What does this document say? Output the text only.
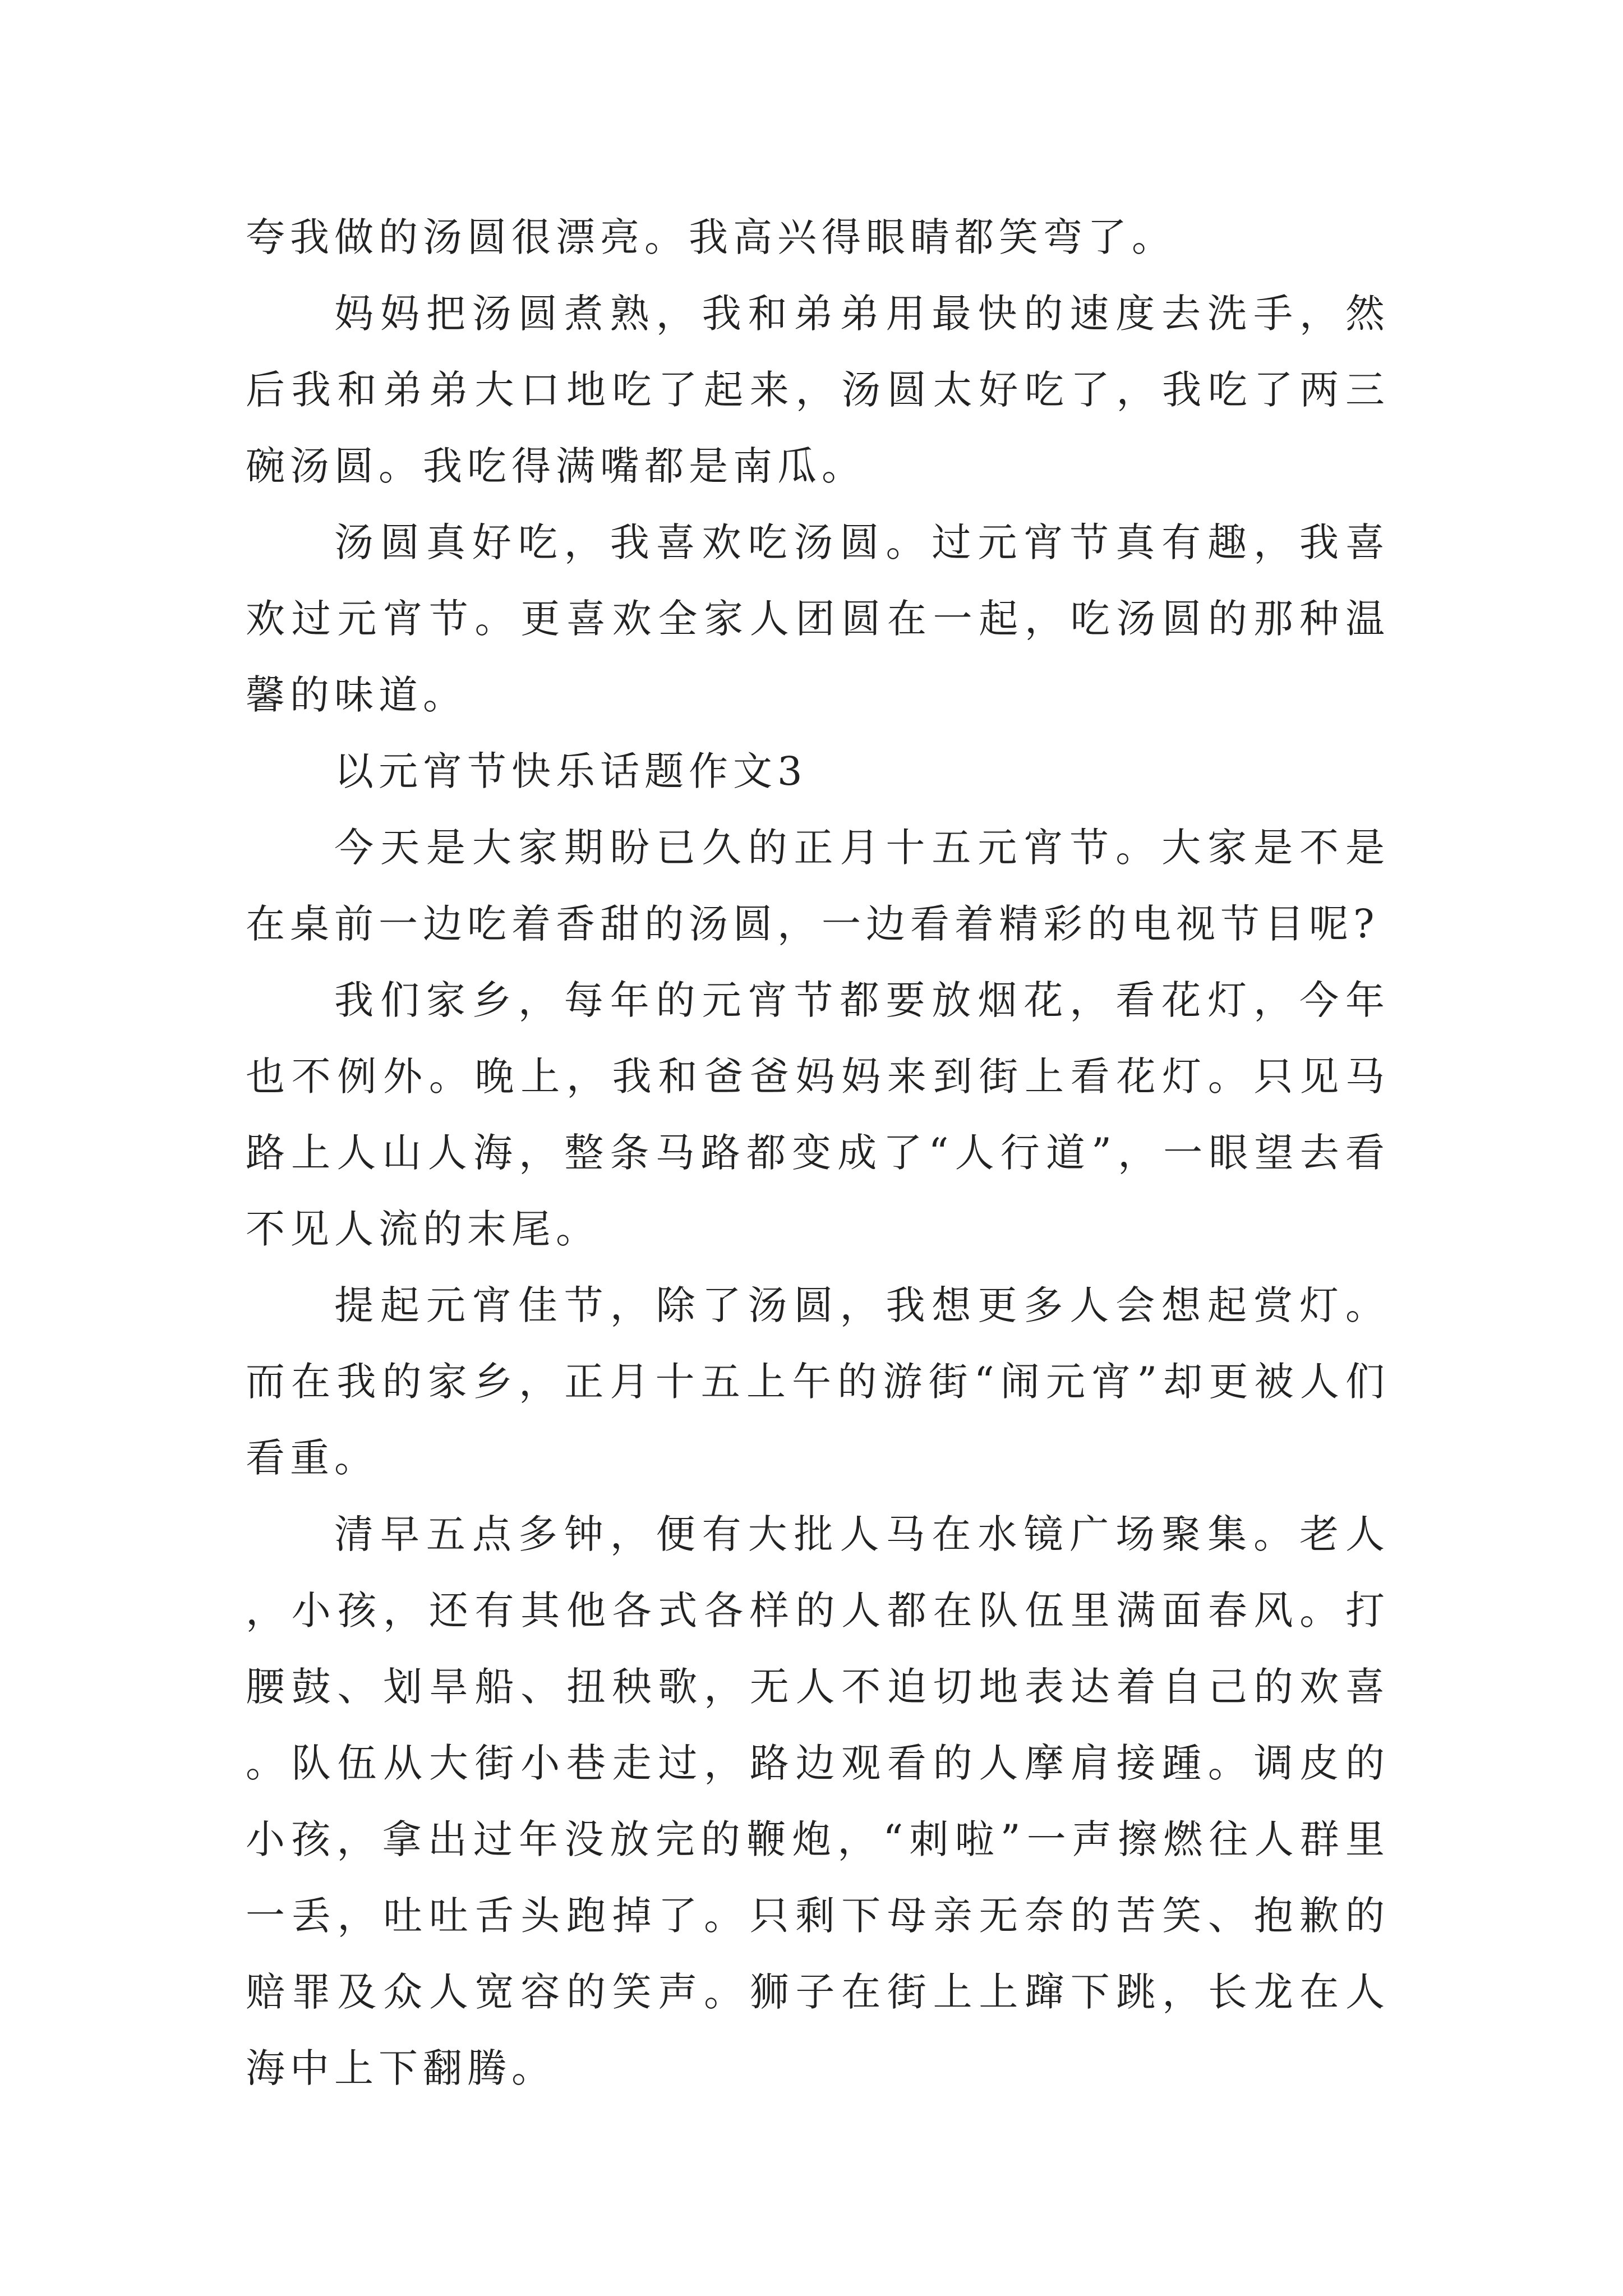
夸我做的汤圆很漂亮。我高兴得眼睛都笑弯了。

妈妈把汤圆煮熟，我和弟弟用最快的速度去洗手，然后我和弟弟大口地吃了起来，汤圆太好吃了，我吃了两三碗汤圆。我吃得满嘴都是南瓜。

汤圆真好吃，我喜欢吃汤圆。过元宵节真有趣，我喜欢过元宵节。更喜欢全家人团圆在一起，吃汤圆的那种温馨的味道。

以元宵节快乐话题作文3

今天是大家期盼已久的正月十五元宵节。大家是不是在桌前一边吃着香甜的汤圆，一边看着精彩的电视节目呢?

我们家乡，每年的元宵节都要放烟花，看花灯，今年也不例外。晚上，我和爸爸妈妈来到街上看花灯。只见马路上人山人海，整条马路都变成了“人行道”，一眼望去看不见人流的末尾。

提起元宵佳节，除了汤圆，我想更多人会想起赏灯。而在我的家乡，正月十五上午的游街“闹元宵”却更被人们看重。

清早五点多钟，便有大批人马在水镜广场聚集。老人，小孩，还有其他各式各样的人都在队伍里满面春风。打腰鼓、划旱船、扭秧歌，无人不迫切地表达着自己的欢喜。队伍从大街小巷走过，路边观看的人摩肩接踵。调皮的小孩，拿出过年没放完的鞭炮，“刺啦”一声擦燃往人群里一丢，吐吐舌头跑掉了。只剩下母亲无奈的苦笑、抱歉的赔罪及众人宽容的笑声。狮子在街上上蹿下跳，长龙在人海中上下翻腾。
